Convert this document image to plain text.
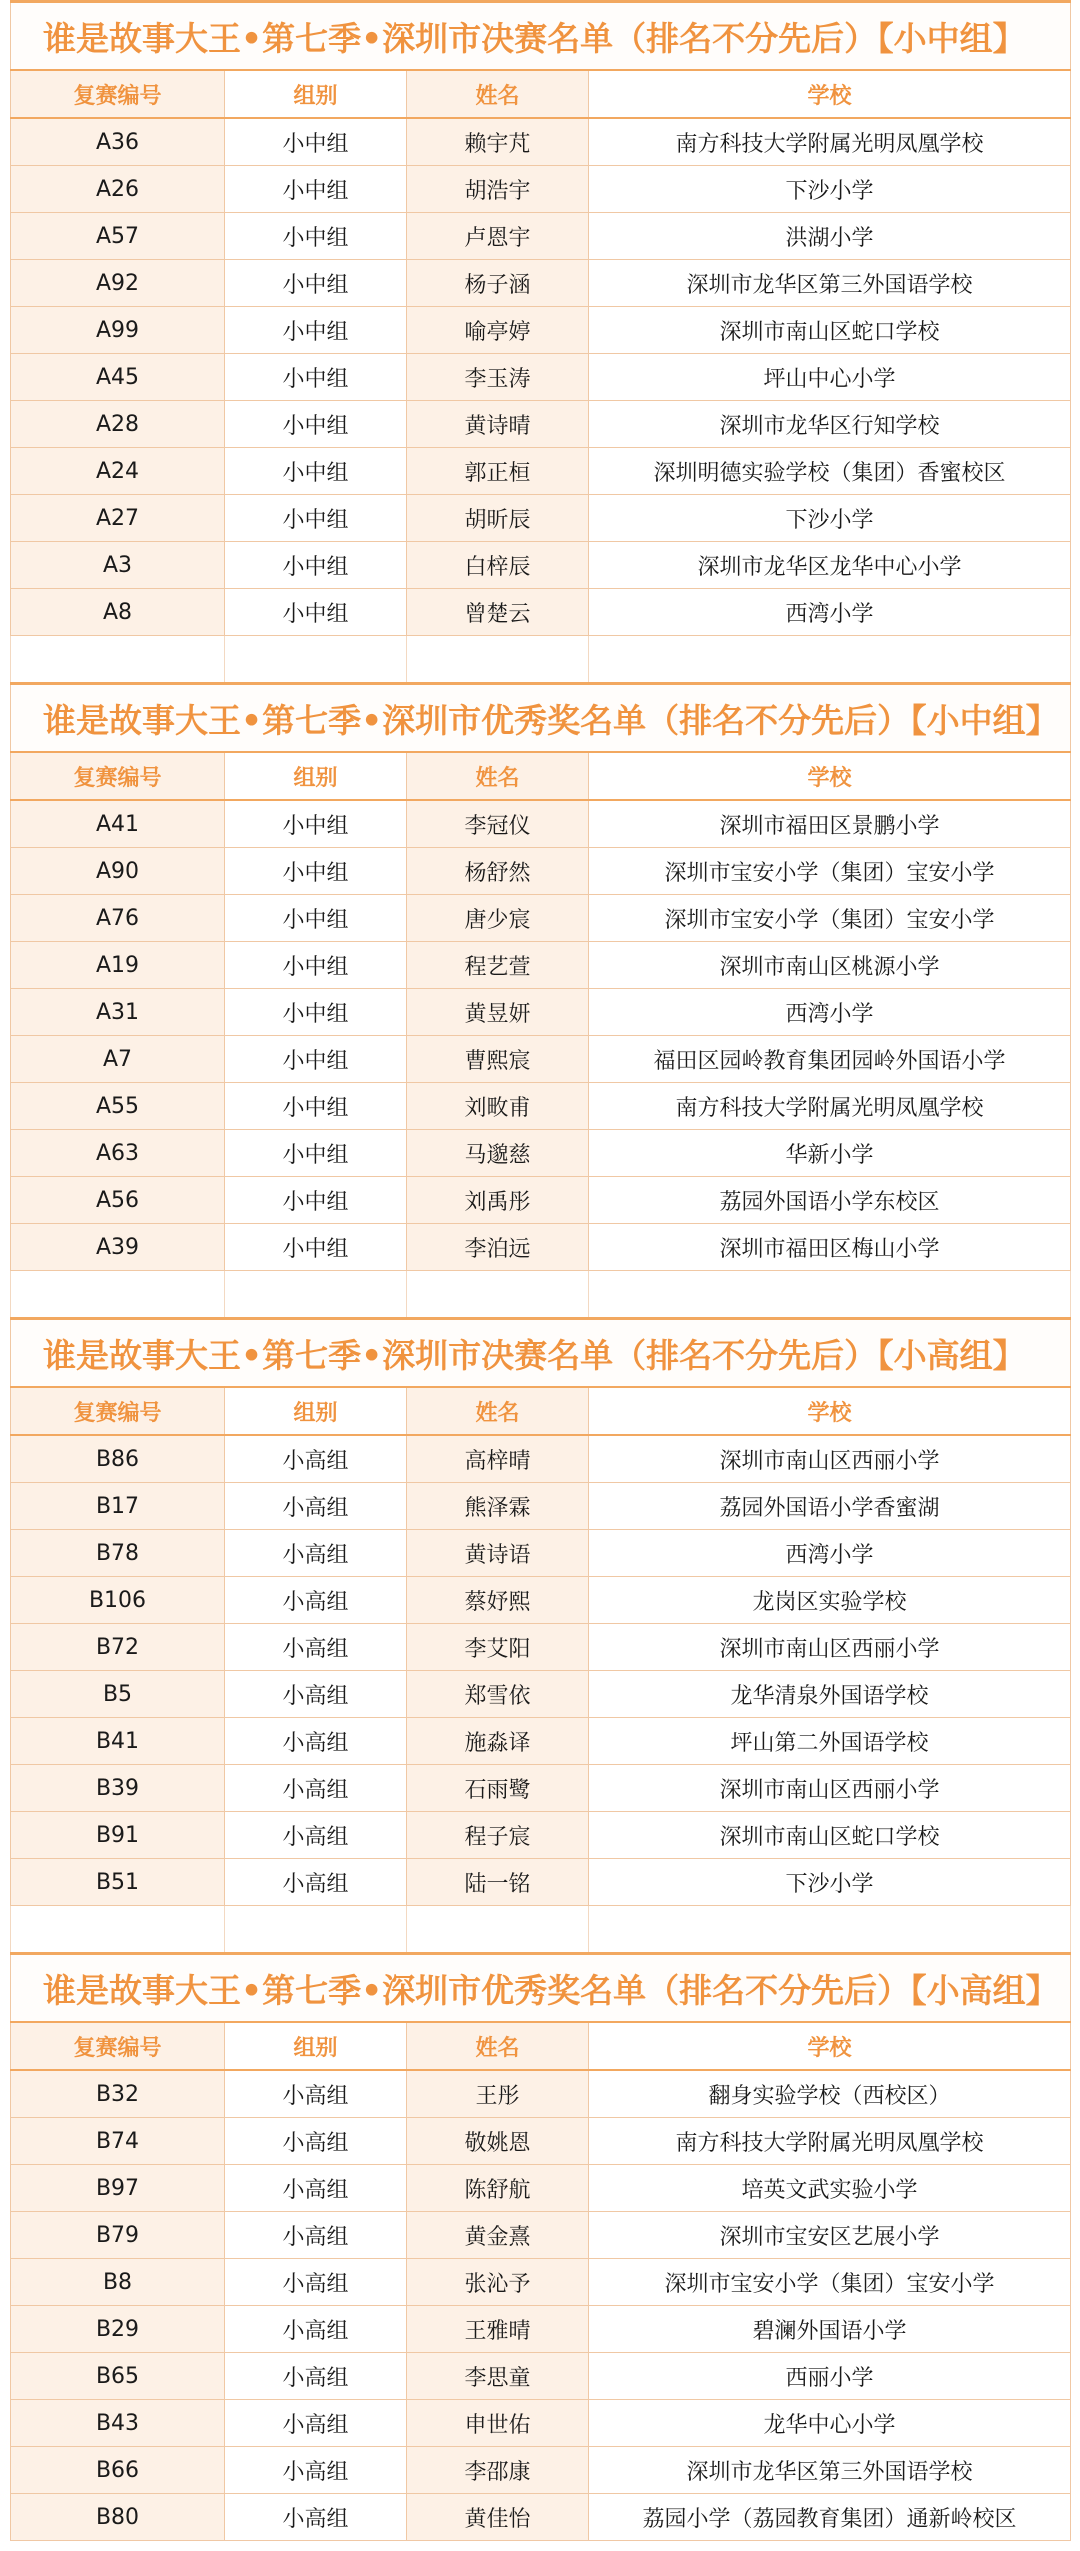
谁是故事大王•第七季•深圳市决赛名单（排名不分先后）【小中组】			
复赛编号	组别	姓名	学校
A36	小中组	赖宇芃	南方科技大学附属光明凤凰学校
A26	小中组	胡浩宇	下沙小学
A57	小中组	卢恩宇	洪湖小学
A92	小中组	杨子涵	深圳市龙华区第三外国语学校
A99	小中组	喻亭婷	深圳市南山区蛇口学校
A45	小中组	李玉涛	坪山中心小学
A28	小中组	黄诗晴	深圳市龙华区行知学校
A24	小中组	郭正桓	深圳明德实验学校（集团）香蜜校区
A27	小中组	胡昕辰	下沙小学
A3	小中组	白梓辰	深圳市龙华区龙华中心小学
A8	小中组	曾楚云	西湾小学

谁是故事大王•第七季•深圳市优秀奖名单（排名不分先后）【小中组】			
复赛编号	组别	姓名	学校
A41	小中组	李冠仪	深圳市福田区景鹏小学
A90	小中组	杨舒然	深圳市宝安小学（集团）宝安小学
A76	小中组	唐少宸	深圳市宝安小学（集团）宝安小学
A19	小中组	程艺萱	深圳市南山区桃源小学
A31	小中组	黄昱妍	西湾小学
A7	小中组	曹熙宸	福田区园岭教育集团园岭外国语小学
A55	小中组	刘畋甫	南方科技大学附属光明凤凰学校
A63	小中组	马邈慈	华新小学
A56	小中组	刘禹彤	荔园外国语小学东校区
A39	小中组	李泊远	深圳市福田区梅山小学

谁是故事大王•第七季•深圳市决赛名单（排名不分先后）【小高组】			
复赛编号	组别	姓名	学校
B86	小高组	高梓晴	深圳市南山区西丽小学
B17	小高组	熊泽霖	荔园外国语小学香蜜湖
B78	小高组	黄诗语	西湾小学
B106	小高组	蔡妤熙	龙岗区实验学校
B72	小高组	李艾阳	深圳市南山区西丽小学
B5	小高组	郑雪依	龙华清泉外国语学校
B41	小高组	施淼译	坪山第二外国语学校
B39	小高组	石雨鹭	深圳市南山区西丽小学
B91	小高组	程子宸	深圳市南山区蛇口学校
B51	小高组	陆一铭	下沙小学

谁是故事大王•第七季•深圳市优秀奖名单（排名不分先后）【小高组】			
复赛编号	组别	姓名	学校
B32	小高组	王彤	翻身实验学校（西校区）
B74	小高组	敬姚恩	南方科技大学附属光明凤凰学校
B97	小高组	陈舒航	培英文武实验小学
B79	小高组	黄金熹	深圳市宝安区艺展小学
B8	小高组	张沁予	深圳市宝安小学（集团）宝安小学
B29	小高组	王雅晴	碧澜外国语小学
B65	小高组	李思童	西丽小学
B43	小高组	申世佑	龙华中心小学
B66	小高组	李邵康	深圳市龙华区第三外国语学校
B80	小高组	黄佳怡	荔园小学（荔园教育集团）通新岭校区
